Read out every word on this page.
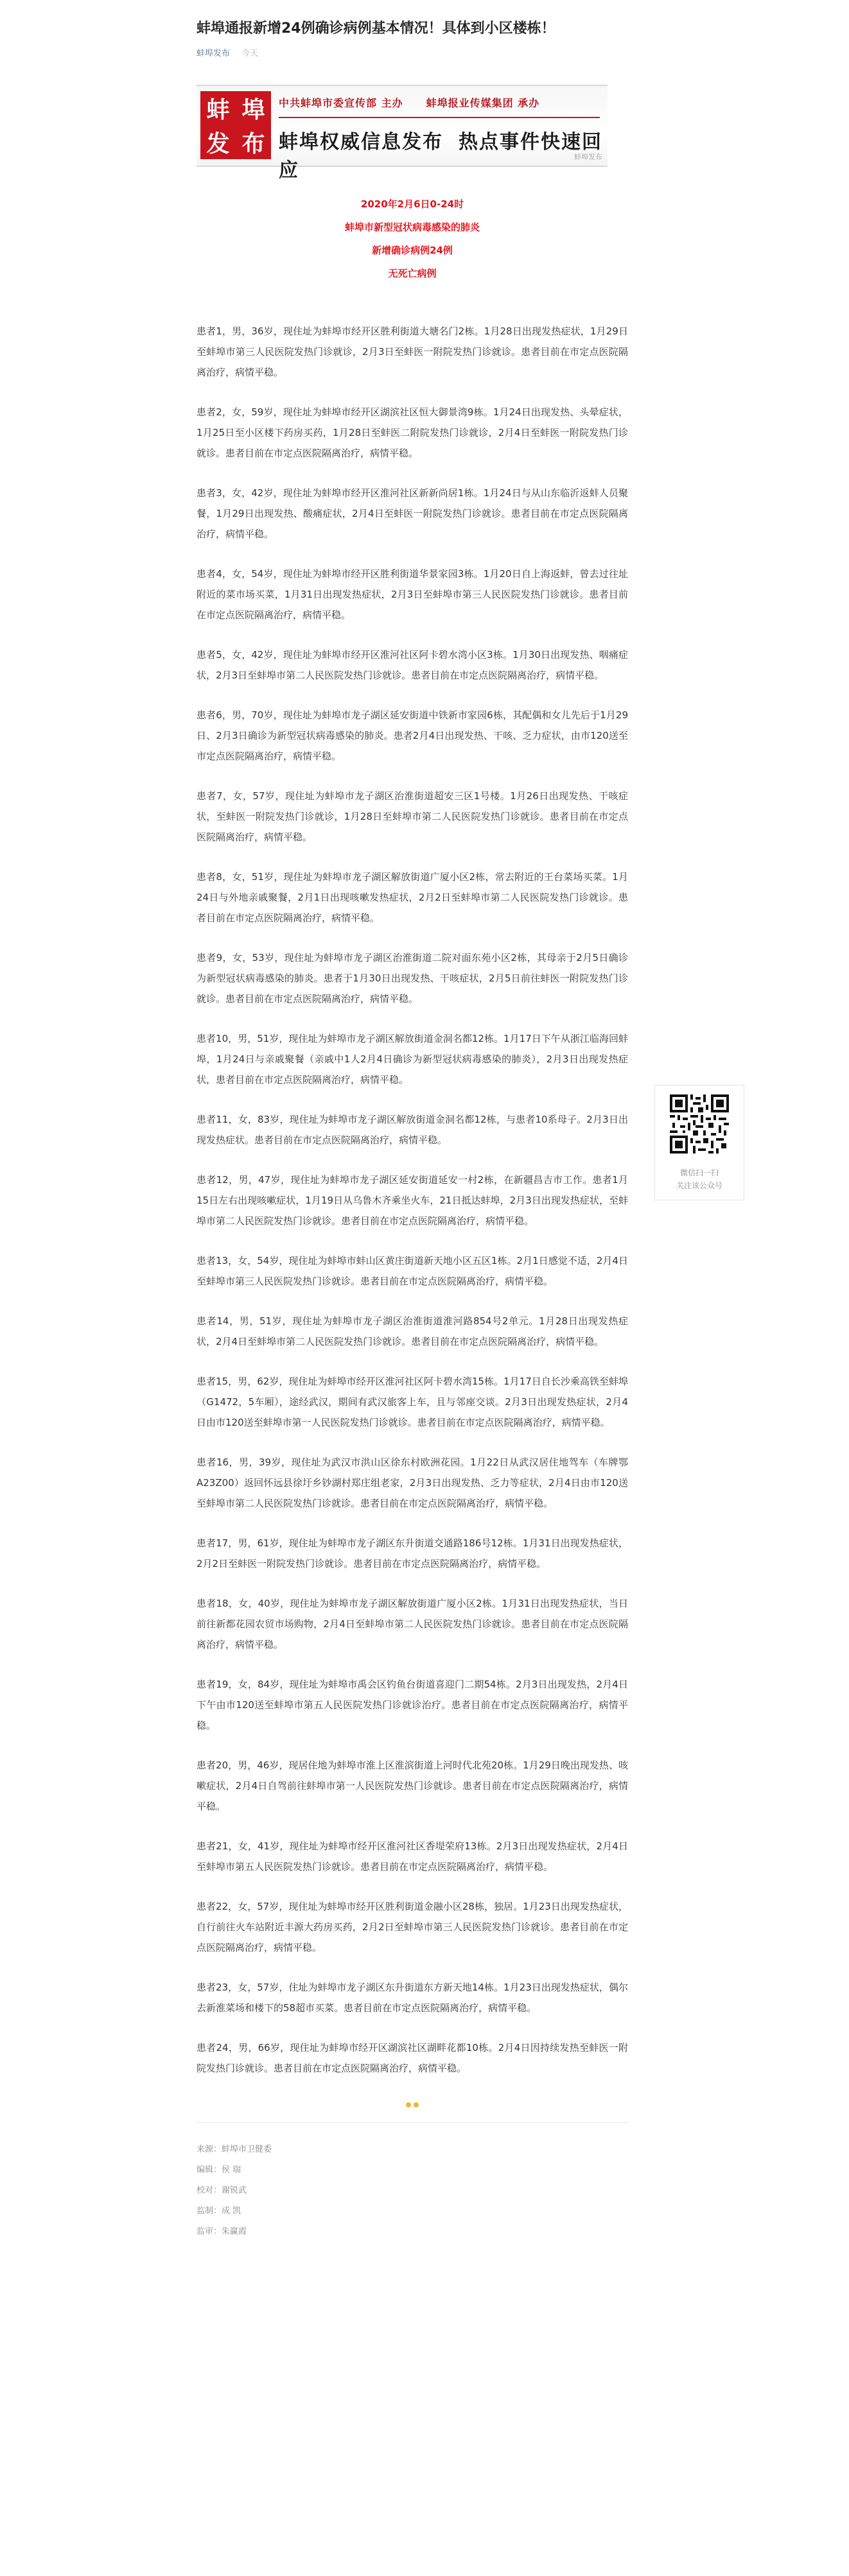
蚌埠通报新增24例确诊病例基本情况！具体到小区楼栋！
蚌埠发布 今天
蚌 埠
发 布
中共蚌埠市委宣传部 主办 蚌埠报业传媒集团 承办
蚌埠权威信息发布 热点事件快速回应
蚌埠发布
2020年2月6日0-24时
蚌埠市新型冠状病毒感染的肺炎
新增确诊病例24例
无死亡病例

患者1，男，36岁，现住址为蚌埠市经开区胜利街道大塘名门2栋。1月28日出现发热症状，1月29日至蚌埠市第三人民医院发热门诊就诊，2月3日至蚌医一附院发热门诊就诊。患者目前在市定点医院隔离治疗，病情平稳。

患者2，女，59岁，现住址为蚌埠市经开区湖滨社区恒大御景湾9栋。1月24日出现发热、头晕症状，1月25日至小区楼下药房买药，1月28日至蚌医二附院发热门诊就诊，2月4日至蚌医一附院发热门诊就诊。患者目前在市定点医院隔离治疗，病情平稳。

患者3，女，42岁，现住址为蚌埠市经开区淮河社区新新尚居1栋。1月24日与从山东临沂返蚌人员聚餐，1月29日出现发热、酸痛症状，2月4日至蚌医一附院发热门诊就诊。患者目前在市定点医院隔离治疗，病情平稳。

患者4，女，54岁，现住址为蚌埠市经开区胜利街道华景家园3栋。1月20日自上海返蚌，曾去过往址附近的菜市场买菜，1月31日出现发热症状，2月3日至蚌埠市第三人民医院发热门诊就诊。患者目前在市定点医院隔离治疗，病情平稳。

患者5，女，42岁，现住址为蚌埠市经开区淮河社区阿卡碧水湾小区3栋。1月30日出现发热、咽痛症状，2月3日至蚌埠市第二人民医院发热门诊就诊。患者目前在市定点医院隔离治疗，病情平稳。

患者6，男，70岁，现住址为蚌埠市龙子湖区延安街道中铁新市家园6栋，其配偶和女儿先后于1月29日、2月3日确诊为新型冠状病毒感染的肺炎。患者2月4日出现发热、干咳、乏力症状，由市120送至市定点医院隔离治疗，病情平稳。

患者7，女，57岁，现住址为蚌埠市龙子湖区治淮街道超安三区1号楼。1月26日出现发热、干咳症状，至蚌医一附院发热门诊就诊，1月28日至蚌埠市第二人民医院发热门诊就诊。患者目前在市定点医院隔离治疗，病情平稳。

患者8，女，51岁，现住址为蚌埠市龙子湖区解放街道广厦小区2栋，常去附近的王台菜场买菜。1月24日与外地亲戚聚餐，2月1日出现咳嗽发热症状，2月2日至蚌埠市第二人民医院发热门诊就诊。患者目前在市定点医院隔离治疗，病情平稳。

患者9，女，53岁，现住址为蚌埠市龙子湖区治淮街道二院对面东苑小区2栋，其母亲于2月5日确诊为新型冠状病毒感染的肺炎。患者于1月30日出现发热、干咳症状，2月5日前往蚌医一附院发热门诊就诊。患者目前在市定点医院隔离治疗，病情平稳。

患者10，男，51岁，现住址为蚌埠市龙子湖区解放街道金洞名都12栋。1月17日下午从浙江临海回蚌埠，1月24日与亲戚聚餐（亲戚中1人2月4日确诊为新型冠状病毒感染的肺炎），2月3日出现发热症状，患者目前在市定点医院隔离治疗，病情平稳。

患者11，女，83岁，现住址为蚌埠市龙子湖区解放街道金洞名都12栋，与患者10系母子。2月3日出现发热症状。患者目前在市定点医院隔离治疗，病情平稳。

患者12，男，47岁，现住址为蚌埠市龙子湖区延安街道延安一村2栋，在新疆昌吉市工作。患者1月15日左右出现咳嗽症状，1月19日从乌鲁木齐乘坐火车，21日抵达蚌埠，2月3日出现发热症状，至蚌埠市第二人民医院发热门诊就诊。患者目前在市定点医院隔离治疗，病情平稳。

患者13，女，54岁，现住址为蚌埠市蚌山区黄庄街道新天地小区五区1栋。2月1日感觉不适，2月4日至蚌埠市第三人民医院发热门诊就诊。患者目前在市定点医院隔离治疗，病情平稳。

患者14，男，51岁，现住址为蚌埠市龙子湖区治淮街道淮河路854号2单元。1月28日出现发热症状，2月4日至蚌埠市第二人民医院发热门诊就诊。患者目前在市定点医院隔离治疗，病情平稳。

患者15，男，62岁，现住址为蚌埠市经开区淮河社区阿卡碧水湾15栋。1月17日自长沙乘高铁至蚌埠（G1472，5车厢），途经武汉，期间有武汉旅客上车，且与邻座交谈。2月3日出现发热症状，2月4日由市120送至蚌埠市第一人民医院发热门诊就诊。患者目前在市定点医院隔离治疗，病情平稳。

患者16，男，39岁，现住址为武汉市洪山区徐东村欧洲花园。1月22日从武汉居住地驾车（车牌鄂A23Z00）返回怀远县徐圩乡钞湖村郑庄组老家，2月3日出现发热、乏力等症状，2月4日由市120送至蚌埠市第二人民医院发热门诊就诊。患者目前在市定点医院隔离治疗，病情平稳。

患者17，男，61岁，现住址为蚌埠市龙子湖区东升街道交通路186号12栋。1月31日出现发热症状，2月2日至蚌医一附院发热门诊就诊。患者目前在市定点医院隔离治疗，病情平稳。

患者18，女，40岁，现住址为蚌埠市龙子湖区解放街道广厦小区2栋。1月31日出现发热症状，当日前往新都花园农贸市场购物，2月4日至蚌埠市第二人民医院发热门诊就诊。患者目前在市定点医院隔离治疗，病情平稳。

患者19，女，84岁，现住址为蚌埠市禹会区钓鱼台街道喜迎门二期54栋。2月3日出现发热，2月4日下午由市120送至蚌埠市第五人民医院发热门诊就诊治疗。患者目前在市定点医院隔离治疗，病情平稳。

患者20，男，46岁，现居住地为蚌埠市淮上区淮滨街道上河时代北苑20栋。1月29日晚出现发热、咳嗽症状，2月4日自驾前往蚌埠市第一人民医院发热门诊就诊。患者目前在市定点医院隔离治疗，病情平稳。

患者21，女，41岁，现住址为蚌埠市经开区淮河社区香堤荣府13栋。2月3日出现发热症状，2月4日至蚌埠市第五人民医院发热门诊就诊。患者目前在市定点医院隔离治疗，病情平稳。

患者22，女，57岁，现住址为蚌埠市经开区胜利街道金融小区28栋，独居。1月23日出现发热症状，自行前往火车站附近丰源大药房买药，2月2日至蚌埠市第三人民医院发热门诊就诊。患者目前在市定点医院隔离治疗，病情平稳。

患者23，女，57岁，住址为蚌埠市龙子湖区东升街道东方新天地14栋。1月23日出现发热症状，偶尔去新淮菜场和楼下的58超市买菜。患者目前在市定点医院隔离治疗，病情平稳。

患者24，男，66岁，现住址为蚌埠市经开区湖滨社区湖畔花都10栋。2月4日因持续发热至蚌医一附院发热门诊就诊。患者目前在市定点医院隔离治疗，病情平稳。

来源：蚌埠市卫健委
编辑：侯 瑞
校对：谢锐武
监制：成 凯
监审：朱赢霞
微信扫一扫
关注该公众号
